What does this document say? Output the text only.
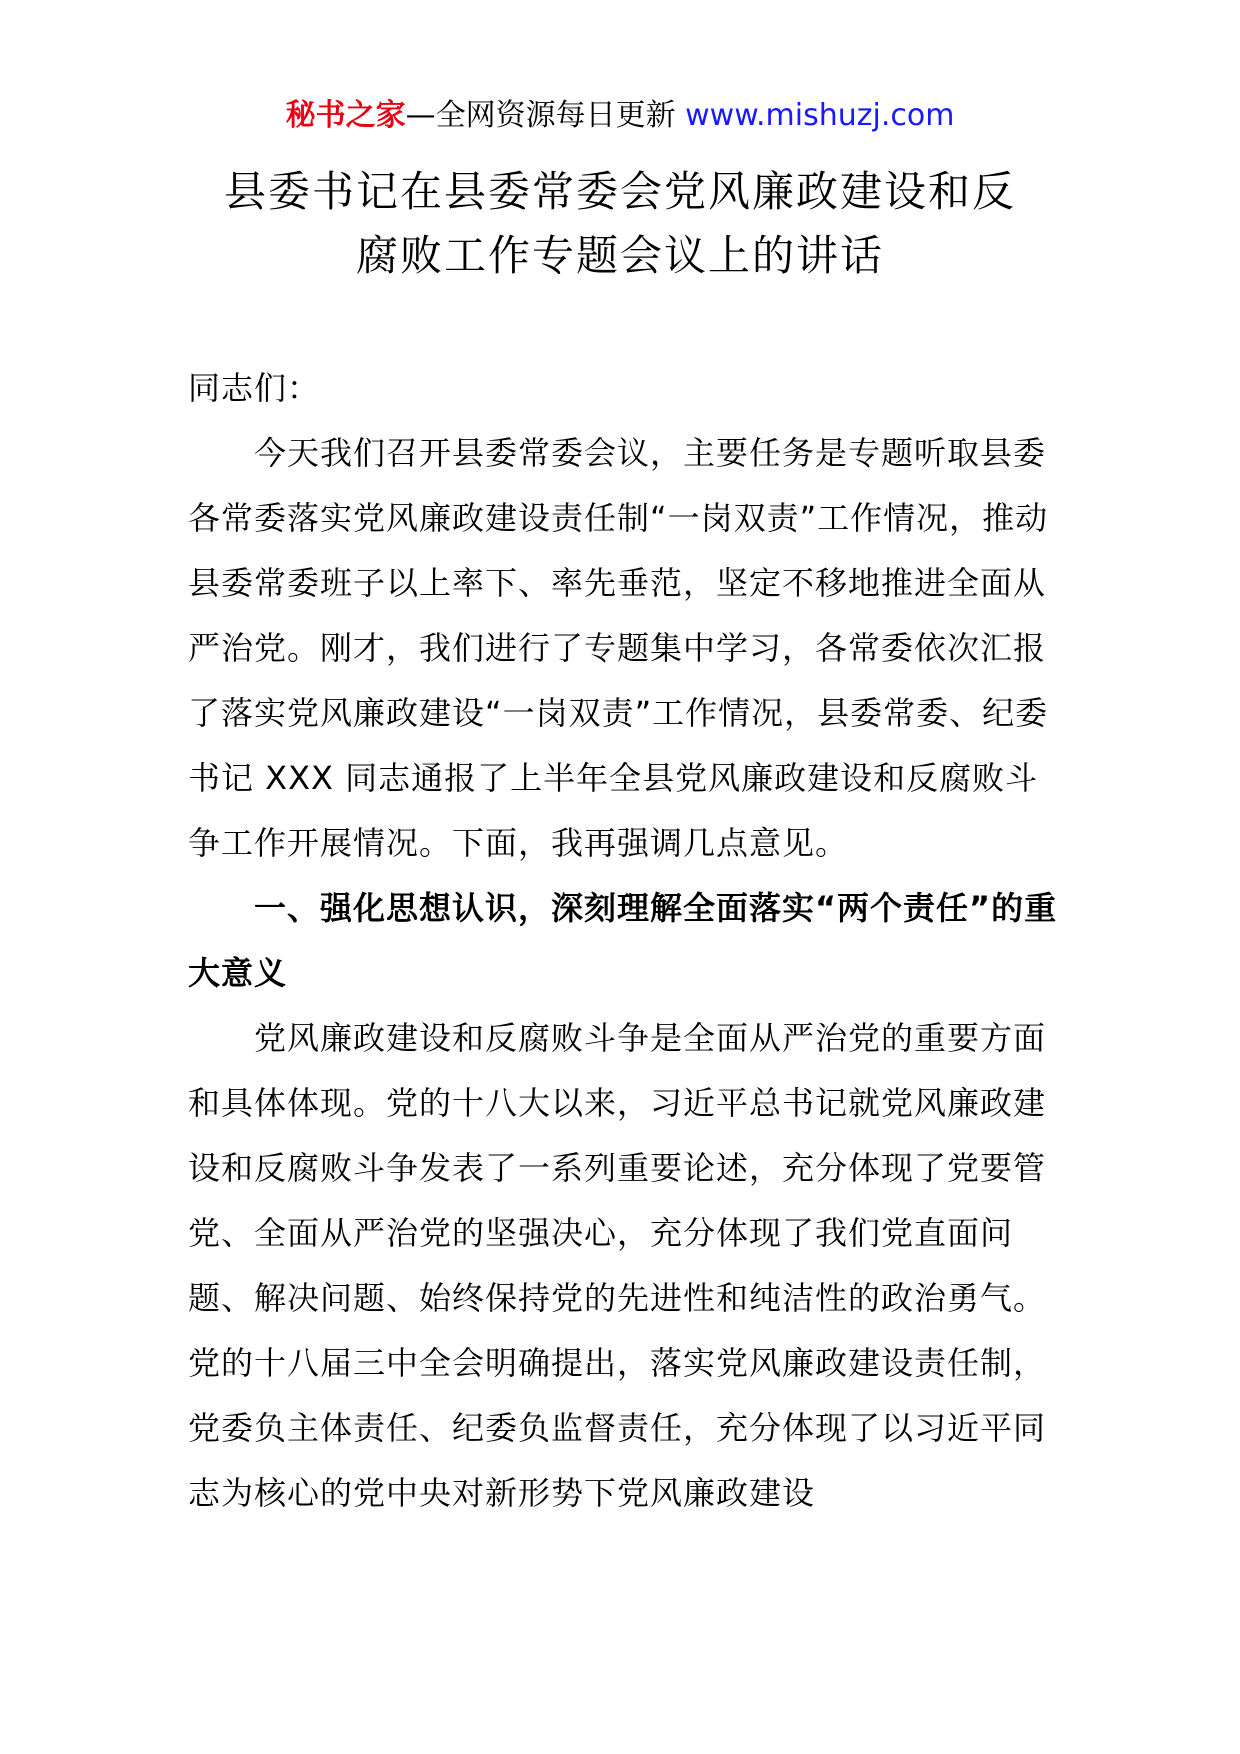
秘书之家—全网资源每日更新 www.mishuzj.com
县委书记在县委常委会党风廉政建设和反
腐败工作专题会议上的讲话

同志们：

今天我们召开县委常委会议，主要任务是专题听取县委各常委落实党风廉政建设责任制“一岗双责”工作情况，推动县委常委班子以上率下、率先垂范，坚定不移地推进全面从严治党。刚才，我们进行了专题集中学习，各常委依次汇报了落实党风廉政建设“一岗双责”工作情况，县委常委、纪委书记 XXX 同志通报了上半年全县党风廉政建设和反腐败斗争工作开展情况。下面，我再强调几点意见。

一、强化思想认识，深刻理解全面落实“两个责任”的重大意义

党风廉政建设和反腐败斗争是全面从严治党的重要方面和具体体现。党的十八大以来，习近平总书记就党风廉政建设和反腐败斗争发表了一系列重要论述，充分体现了党要管党、全面从严治党的坚强决心，充分体现了我们党直面问题、解决问题、始终保持党的先进性和纯洁性的政治勇气。党的十八届三中全会明确提出，落实党风廉政建设责任制，党委负主体责任、纪委负监督责任，充分体现了以习近平同志为核心的党中央对新形势下党风廉政建设
